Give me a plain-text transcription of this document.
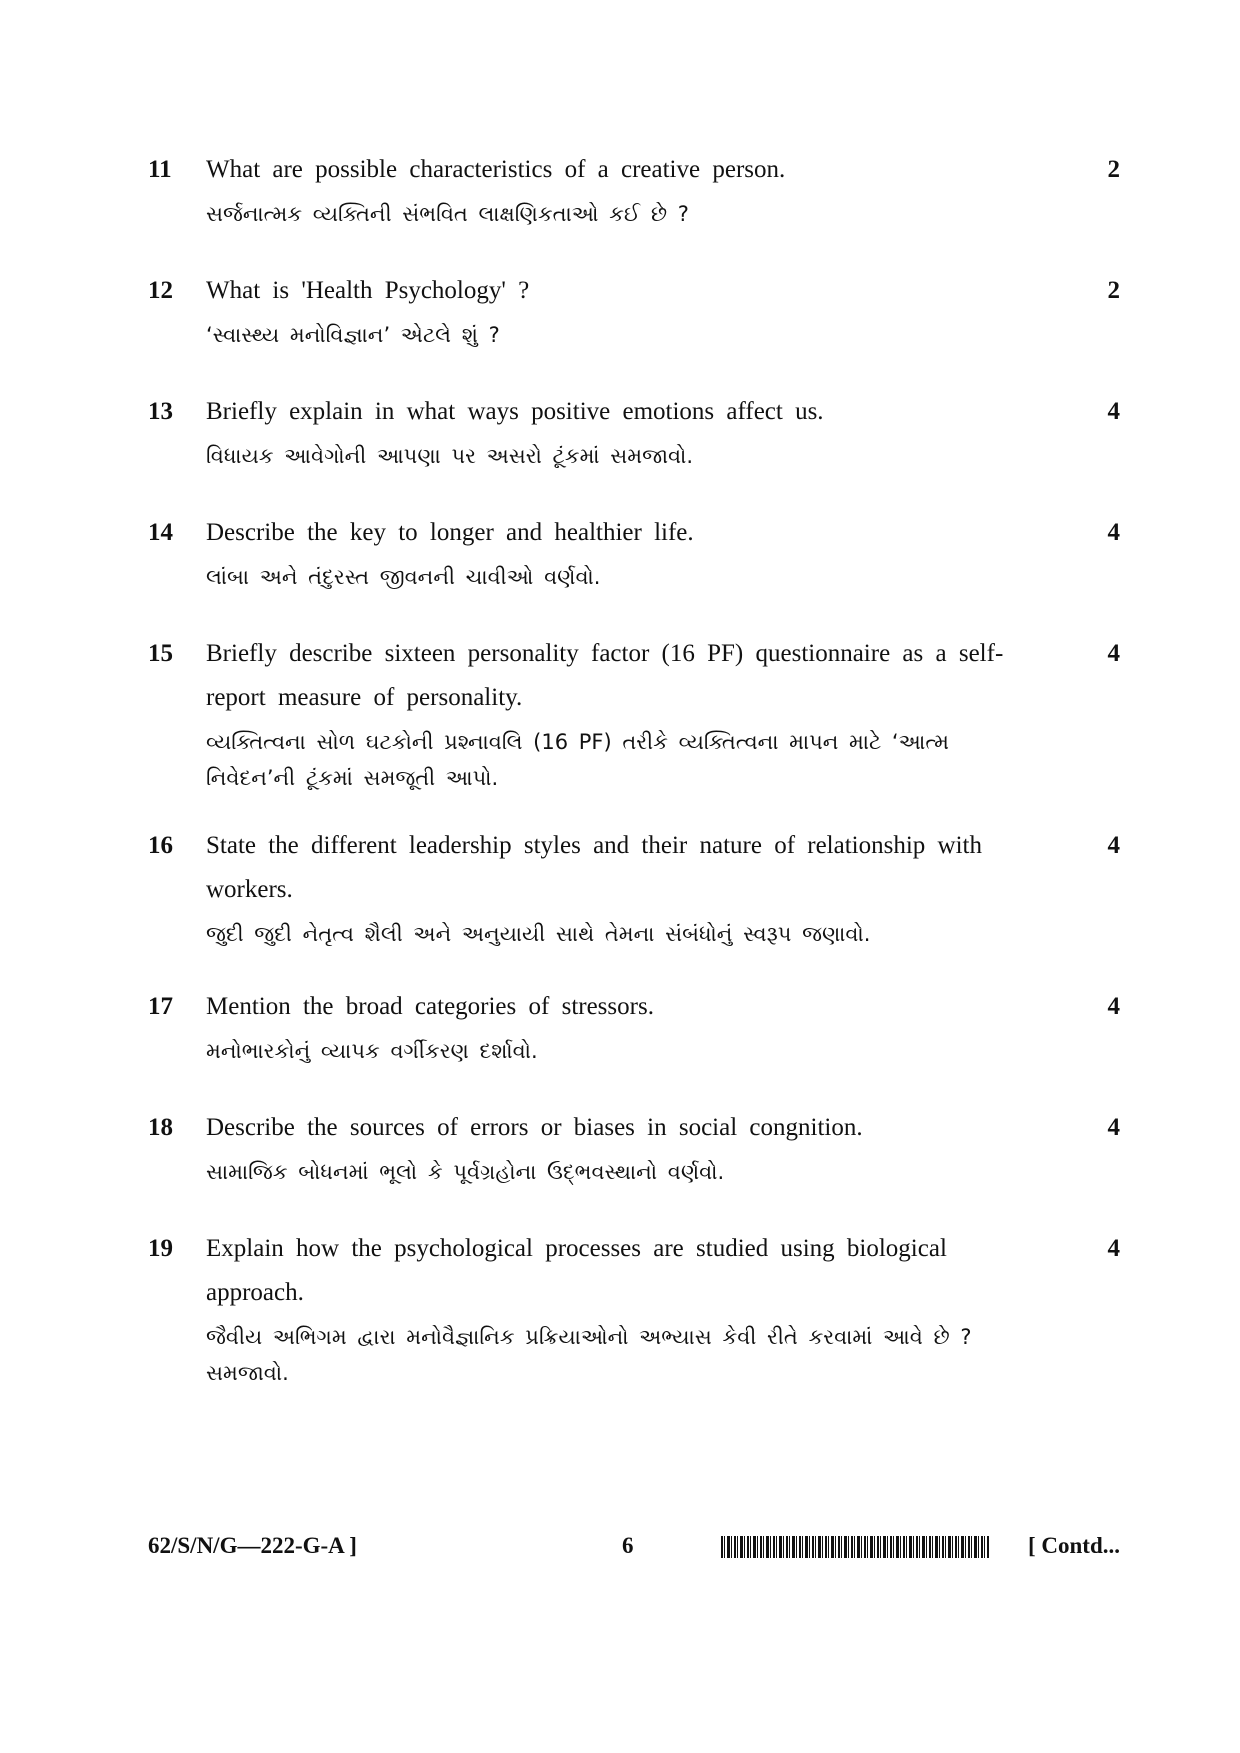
11 What are possible characteristics of a creative person.

સર્જનાત્મક વ્યક્તિની સંભવિત લાક્ષણિકતાઓ કઈ છે ?

2
12 What is 'Health Psychology' ?

‘સ્વાસ્થ્ય મનોવિજ્ઞાન’ એટલે શું ?

2
13 Briefly explain in what ways positive emotions affect us.

વિધાયક આવેગોની આપણા પર અસરો ટૂંકમાં સમજાવો.

4
14 Describe the key to longer and healthier life.

લાંબા અને તંદુરસ્ત જીવનની ચાવીઓ વર્ણવો.

4
15 Briefly describe sixteen personality factor (16 PF) questionnaire as a self-report measure of personality.

વ્યક્તિત્વના સોળ ઘટકોની પ્રશ્નાવલિ (16 PF) તરીકે વ્યક્તિત્વના માપન માટે ‘આત્મ નિવેદન’ની ટૂંકમાં સમજૂતી આપો.

4
16 State the different leadership styles and their nature of relationship with workers.

જુદી જુદી નેતૃત્વ શૈલી અને અનુયાયી સાથે તેમના સંબંધોનું સ્વરૂપ જણાવો.

4
17 Mention the broad categories of stressors.

મનોભારકોનું વ્યાપક વર્ગીકરણ દર્શાવો.

4
18 Describe the sources of errors or biases in social congnition.

સામાજિક બોધનમાં ભૂલો કે પૂર્વગ્રહોના ઉદ્ભવસ્થાનો વર્ણવો.

4
19 Explain how the psychological processes are studied using biological approach.

જૈવીય અભિગમ દ્વારા મનોવૈજ્ઞાનિક પ્રક્રિયાઓનો અભ્યાસ કેવી રીતે કરવામાં આવે છે ? સમજાવો.

4
62/S/N/G—222-G-A ]	6	[ Contd...
